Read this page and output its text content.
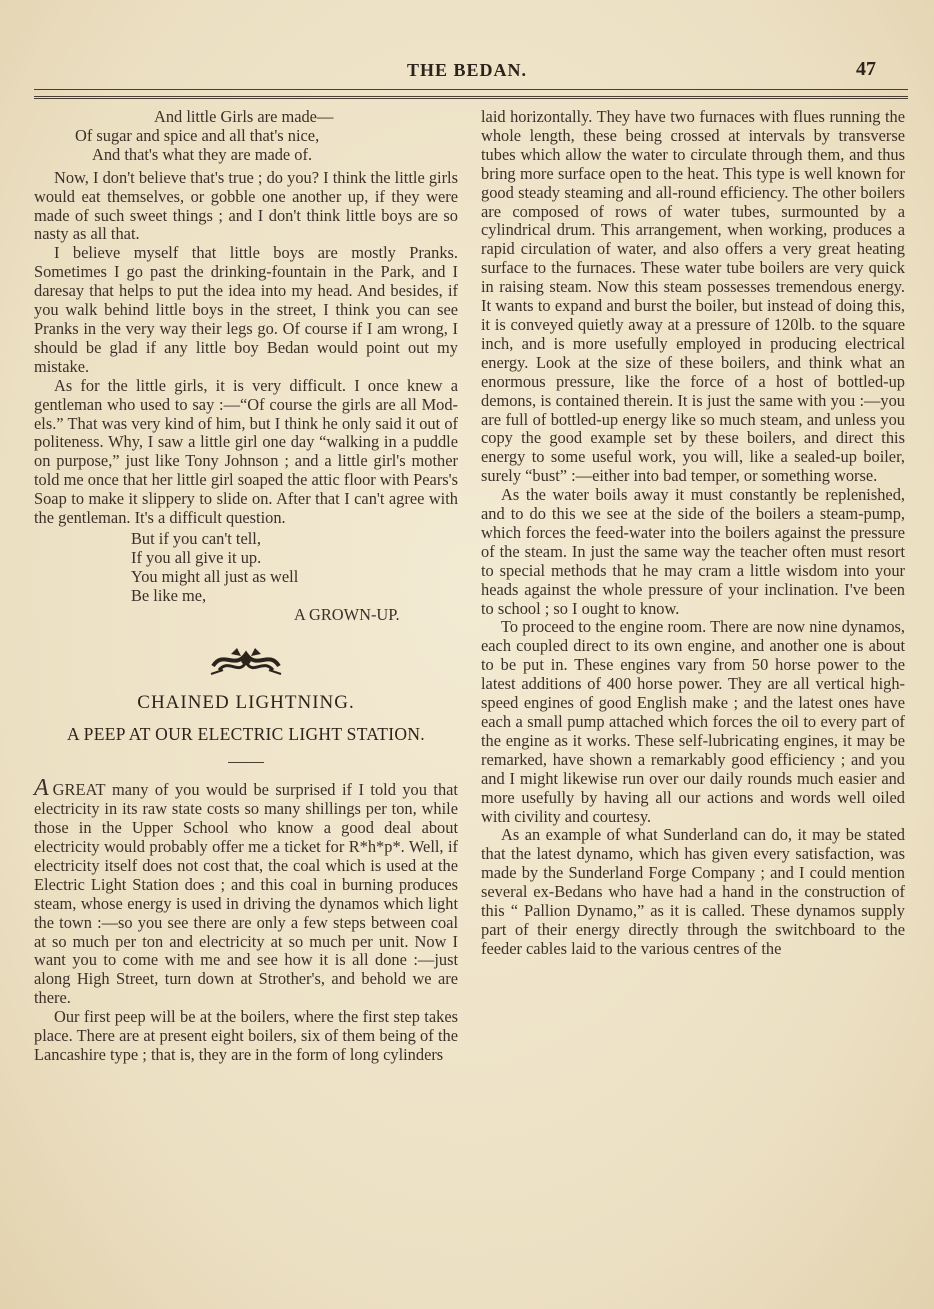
THE BEDAN.	47
And little Girls are made—
Of sugar and spice and all that's nice,
And that's what they are made of.

Now, I don't believe that's true ; do you? I think the little girls would eat themselves, or gobble one another up, if they were made of such sweet things ; and I don't think little boys are so nasty as all that.

I believe myself that little boys are mostly Pranks. Sometimes I go past the drinking-fountain in the Park, and I daresay that helps to put the idea into my head. And besides, if you walk behind little boys in the street, I think you can see Pranks in the very way their legs go. Of course if I am wrong, I should be glad if any little boy Bedan would point out my mistake.

As for the little girls, it is very difficult. I once knew a gentleman who used to say :—“Of course the girls are all Mod-els.” That was very kind of him, but I think he only said it out of politeness. Why, I saw a little girl one day “walking in a puddle on purpose,” just like Tony Johnson ; and a little girl's mother told me once that her little girl soaped the attic floor with Pears's Soap to make it slippery to slide on. After that I can't agree with the gentleman. It's a difficult question.

But if you can't tell,
If you all give it up.
You might all just as well
Be like me,
A GROWN-UP.
CHAINED LIGHTNING.
A PEEP AT OUR ELECTRIC LIGHT STATION.

A GREAT many of you would be surprised if I told you that electricity in its raw state costs so many shillings per ton, while those in the Upper School who know a good deal about electricity would probably offer me a ticket for R*h*p*. Well, if electricity itself does not cost that, the coal which is used at the Electric Light Station does ; and this coal in burning produces steam, whose energy is used in driving the dynamos which light the town :—so you see there are only a few steps between coal at so much per ton and electricity at so much per unit. Now I want you to come with me and see how it is all done :—just along High Street, turn down at Strother's, and behold we are there.

Our first peep will be at the boilers, where the first step takes place. There are at present eight boilers, six of them being of the Lancashire type ; that is, they are in the form of long cylinders

laid horizontally. They have two furnaces with flues running the whole length, these being crossed at intervals by transverse tubes which allow the water to circulate through them, and thus bring more surface open to the heat. This type is well known for good steady steaming and all-round efficiency. The other boilers are composed of rows of water tubes, surmounted by a cylindrical drum. This arrangement, when working, produces a rapid circulation of water, and also offers a very great heating surface to the furnaces. These water tube boilers are very quick in raising steam. Now this steam possesses tremendous energy. It wants to expand and burst the boiler, but instead of doing this, it is conveyed quietly away at a pressure of 120lb. to the square inch, and is more usefully employed in producing electrical energy. Look at the size of these boilers, and think what an enormous pressure, like the force of a host of bottled-up demons, is contained therein. It is just the same with you :—you are full of bottled-up energy like so much steam, and unless you copy the good example set by these boilers, and direct this energy to some useful work, you will, like a sealed-up boiler, surely “bust” :—either into bad temper, or something worse.

As the water boils away it must constantly be replenished, and to do this we see at the side of the boilers a steam-pump, which forces the feed-water into the boilers against the pressure of the steam. In just the same way the teacher often must resort to special methods that he may cram a little wisdom into your heads against the whole pressure of your inclination. I've been to school ; so I ought to know.

To proceed to the engine room. There are now nine dynamos, each coupled direct to its own engine, and another one is about to be put in. These engines vary from 50 horse power to the latest additions of 400 horse power. They are all vertical high-speed engines of good English make ; and the latest ones have each a small pump attached which forces the oil to every part of the engine as it works. These self-lubricating engines, it may be remarked, have shown a remarkably good efficiency ; and you and I might likewise run over our daily rounds much easier and more usefully by having all our actions and words well oiled with civility and courtesy.

As an example of what Sunderland can do, it may be stated that the latest dynamo, which has given every satisfaction, was made by the Sunderland Forge Company ; and I could mention several ex-Bedans who have had a hand in the construction of this “ Pallion Dynamo,” as it is called. These dynamos supply part of their energy directly through the switchboard to the feeder cables laid to the various centres of the
